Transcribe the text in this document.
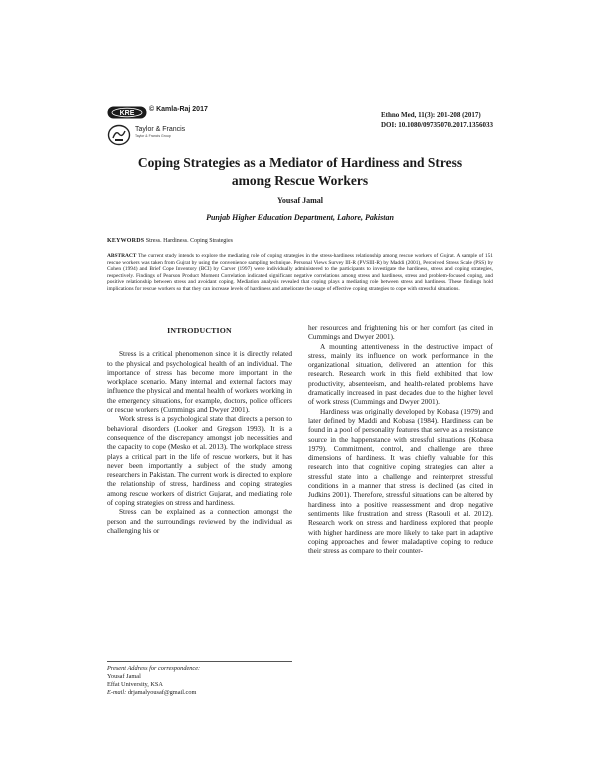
KRE
© Kamla-Raj 2017
Taylor & Francis
Taylor & Francis Group
Ethno Med, 11(3): 201-208 (2017)
DOI: 10.1080/09735070.2017.1356033
Coping Strategies as a Mediator of Hardiness and Stress
among Rescue Workers
Yousaf Jamal
Punjab Higher Education Department, Lahore, Pakistan
KEYWORDS Stress. Hardiness. Coping Strategies
ABSTRACT The current study intends to explore the mediating role of coping strategies in the stress-hardiness relationship among rescue workers of Gujrat. A sample of 151 rescue workers was taken from Gujrat by using the convenience sampling technique. Personal Views Survey III-R (PVSIII-R) by Maddi (2001), Perceived Stress Scale (PSS) by Cohen (1994) and Brief Cope Inventory (BCI) by Carver (1997) were individually administered to the participants to investigate the hardiness, stress and coping strategies, respectively. Findings of Pearson Product Moment Correlation indicated significant negative correlations among stress and hardiness, stress and problem-focused coping, and positive relationship between stress and avoidant coping. Mediation analysis revealed that coping plays a mediating role between stress and hardiness. These findings hold implications for rescue workers so that they can increase levels of hardiness and ameliorate the usage of effective coping strategies to cope with stressful situations.
INTRODUCTION

Stress is a critical phenomenon since it is directly related to the physical and psychological health of an individual. The importance of stress has become more important in the workplace scenario. Many internal and external factors may influence the physical and mental health of workers working in the emergency situations, for example, doctors, police officers or rescue workers (Cummings and Dwyer 2001).

Work stress is a psychological state that directs a person to behavioral disorders (Looker and Gregson 1993). It is a consequence of the discrepancy amongst job necessities and the capacity to cope (Mesko et al. 2013). The workplace stress plays a critical part in the life of rescue workers, but it has never been importantly a subject of the study among researchers in Pakistan. The current work is directed to explore the relationship of stress, hardiness and coping strategies among rescue workers of district Gujarat, and mediating role of coping strategies on stress and hardiness.

Stress can be explained as a connection amongst the person and the surroundings reviewed by the individual as challenging his or

her resources and frightening his or her comfort (as cited in Cummings and Dwyer 2001).

A mounting attentiveness in the destructive impact of stress, mainly its influence on work performance in the organizational situation, delivered an attention for this research. Research work in this field exhibited that low productivity, absenteeism, and health-related problems have dramatically increased in past decades due to the higher level of work stress (Cummings and Dwyer 2001).

Hardiness was originally developed by Kobasa (1979) and later defined by Maddi and Kobasa (1984). Hardiness can be found in a pool of personality features that serve as a resistance source in the happenstance with stressful situations (Kobasa 1979). Commitment, control, and challenge are three dimensions of hardiness. It was chiefly valuable for this research into that cognitive coping strategies can alter a stressful state into a challenge and reinterpret stressful conditions in a manner that stress is declined (as cited in Judkins 2001). Therefore, stressful situations can be altered by hardiness into a positive reassessment and drop negative sentiments like frustration and stress (Rasouli et al. 2012). Research work on stress and hardiness explored that people with higher hardiness are more likely to take part in adaptive coping approaches and fewer maladaptive coping to reduce their stress as compare to their counter-

Present Address for correspondence:
Yousaf Jamal
Effat University, KSA
E-mail: drjamalyousaf@gmail.com
